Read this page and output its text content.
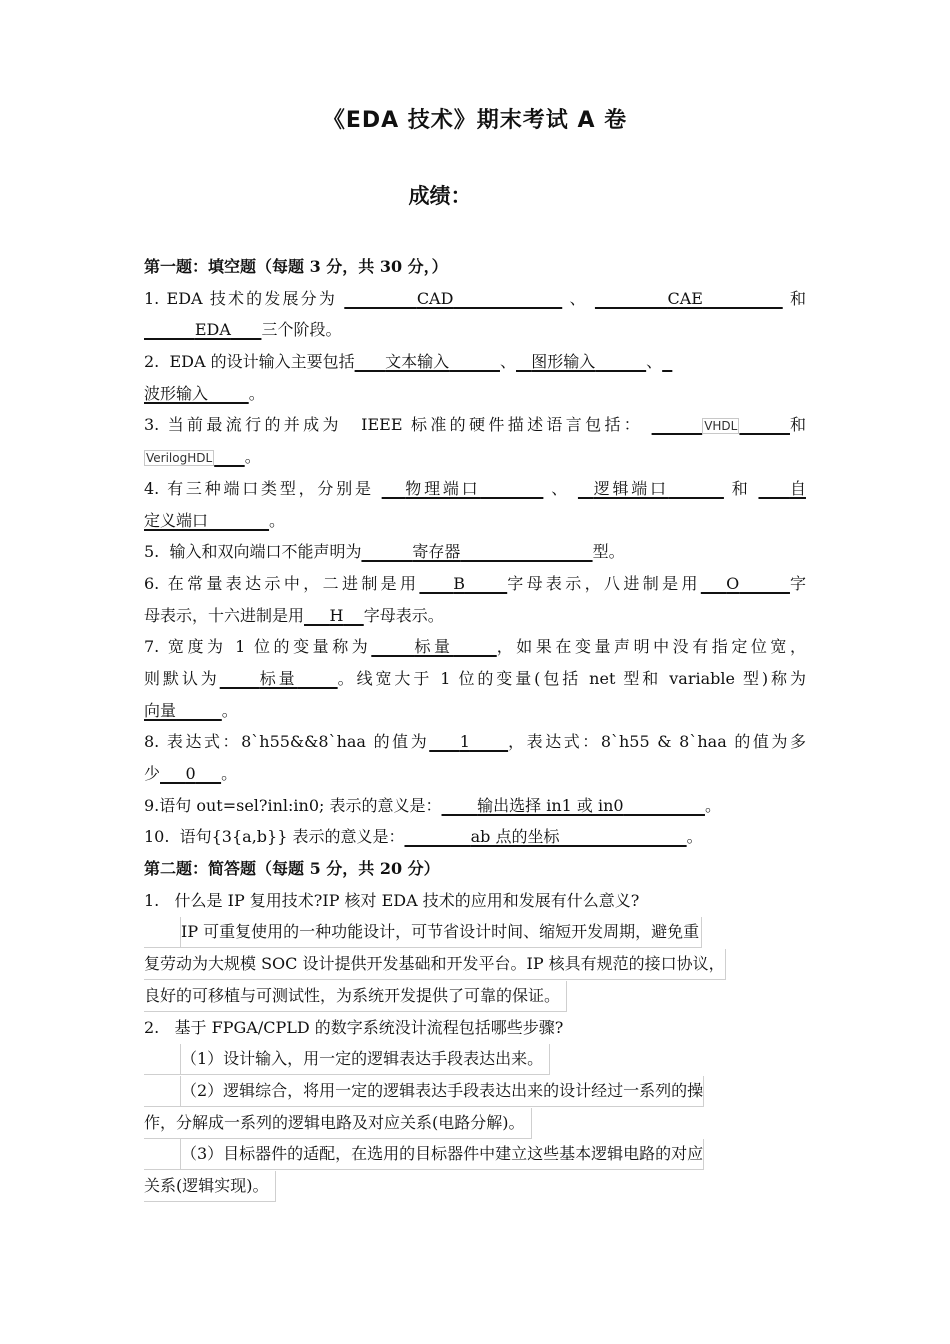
《EDA 技术》期末考试 A 卷
成绩：
第一题：填空题（每题 3 分，共 30 分，）
1. EDA 技术的发展分为	CAD	、	CAE	和
EDA 三个阶段。
2. EDA 的设计输入主要包括 文本输入	、 图形输入	、
波形输入	。
3. 当前最流行的并成为　IEEE 标准的硬件描述语言包括：	VHDL	和
VerilogHDL 。
4. 有三种端口类型，分别是 物理端口	、 逻辑端口	和 自
定义端口	。
5. 输入和双向端口不能声明为	寄存器	型。
6. 在常量表达示中，二进制是用 B	字母表示，八进制是用 O	字
母表示，十六进制是用 H 字母表示。
7. 宽度为 1 位的变量称为	标量	，如果在变量声明中没有指定位宽，
则默认为	标量	。线宽大于 1 位的变量(包括 net 型和 variable 型)称为
向量	。
8. 表达式：8`h55&&8`haa 的值为 1 ，表达式：8`h55 & 8`haa 的值为多
少 0 。
9.语句 out=sel?inl:in0; 表示的意义是： 输出选择 in1 或 in0	。
10. 语句{3{a,b}} 表示的意义是：	ab 点的坐标	。
第二题：简答题（每题 5 分，共 20 分）
1. 什么是 IP 复用技术?IP 核对 EDA 技术的应用和发展有什么意义?
IP 可重复使用的一种功能设计，可节省设计时间、缩短开发周期，避免重
复劳动为大规模 SOC 设计提供开发基础和开发平台。IP 核具有规范的接口协议，
良好的可移植与可测试性，为系统开发提供了可靠的保证。
2. 基于 FPGA/CPLD 的数字系统没计流程包括哪些步骤?
（1）设计输入，用一定的逻辑表达手段表达出来。
（2）逻辑综合，将用一定的逻辑表达手段表达出来的设计经过一系列的操
作，分解成一系列的逻辑电路及对应关系(电路分解)。
（3）目标器件的适配，在选用的目标器件中建立这些基本逻辑电路的对应
关系(逻辑实现)。
